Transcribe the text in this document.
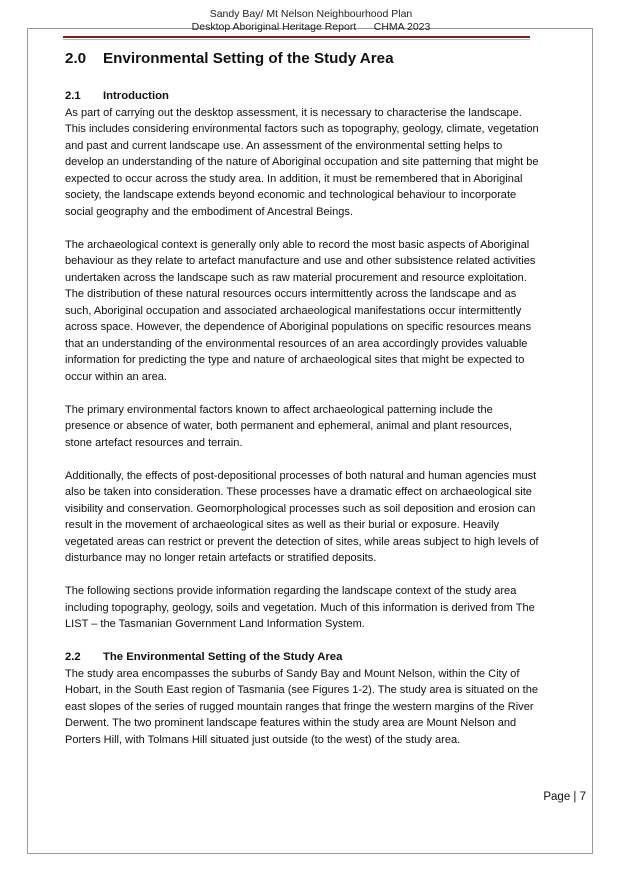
Sandy Bay/ Mt Nelson Neighbourhood Plan
Desktop Aboriginal Heritage Report      CHMA 2023
2.0 Environmental Setting of the Study Area
2.1 Introduction

As part of carrying out the desktop assessment, it is necessary to characterise the landscape. This includes considering environmental factors such as topography, geology, climate, vegetation and past and current landscape use. An assessment of the environmental setting helps to develop an understanding of the nature of Aboriginal occupation and site patterning that might be expected to occur across the study area. In addition, it must be remembered that in Aboriginal society, the landscape extends beyond economic and technological behaviour to incorporate social geography and the embodiment of Ancestral Beings.

The archaeological context is generally only able to record the most basic aspects of Aboriginal behaviour as they relate to artefact manufacture and use and other subsistence related activities undertaken across the landscape such as raw material procurement and resource exploitation. The distribution of these natural resources occurs intermittently across the landscape and as such, Aboriginal occupation and associated archaeological manifestations occur intermittently across space. However, the dependence of Aboriginal populations on specific resources means that an understanding of the environmental resources of an area accordingly provides valuable information for predicting the type and nature of archaeological sites that might be expected to occur within an area.

The primary environmental factors known to affect archaeological patterning include the presence or absence of water, both permanent and ephemeral, animal and plant resources, stone artefact resources and terrain.

Additionally, the effects of post-depositional processes of both natural and human agencies must also be taken into consideration. These processes have a dramatic effect on archaeological site visibility and conservation. Geomorphological processes such as soil deposition and erosion can result in the movement of archaeological sites as well as their burial or exposure. Heavily vegetated areas can restrict or prevent the detection of sites, while areas subject to high levels of disturbance may no longer retain artefacts or stratified deposits.

The following sections provide information regarding the landscape context of the study area including topography, geology, soils and vegetation. Much of this information is derived from The LIST – the Tasmanian Government Land Information System.

2.2 The Environmental Setting of the Study Area

The study area encompasses the suburbs of Sandy Bay and Mount Nelson, within the City of Hobart, in the South East region of Tasmania (see Figures 1-2). The study area is situated on the east slopes of the series of rugged mountain ranges that fringe the western margins of the River Derwent. The two prominent landscape features within the study area are Mount Nelson and Porters Hill, with Tolmans Hill situated just outside (to the west) of the study area.

Page | 7
